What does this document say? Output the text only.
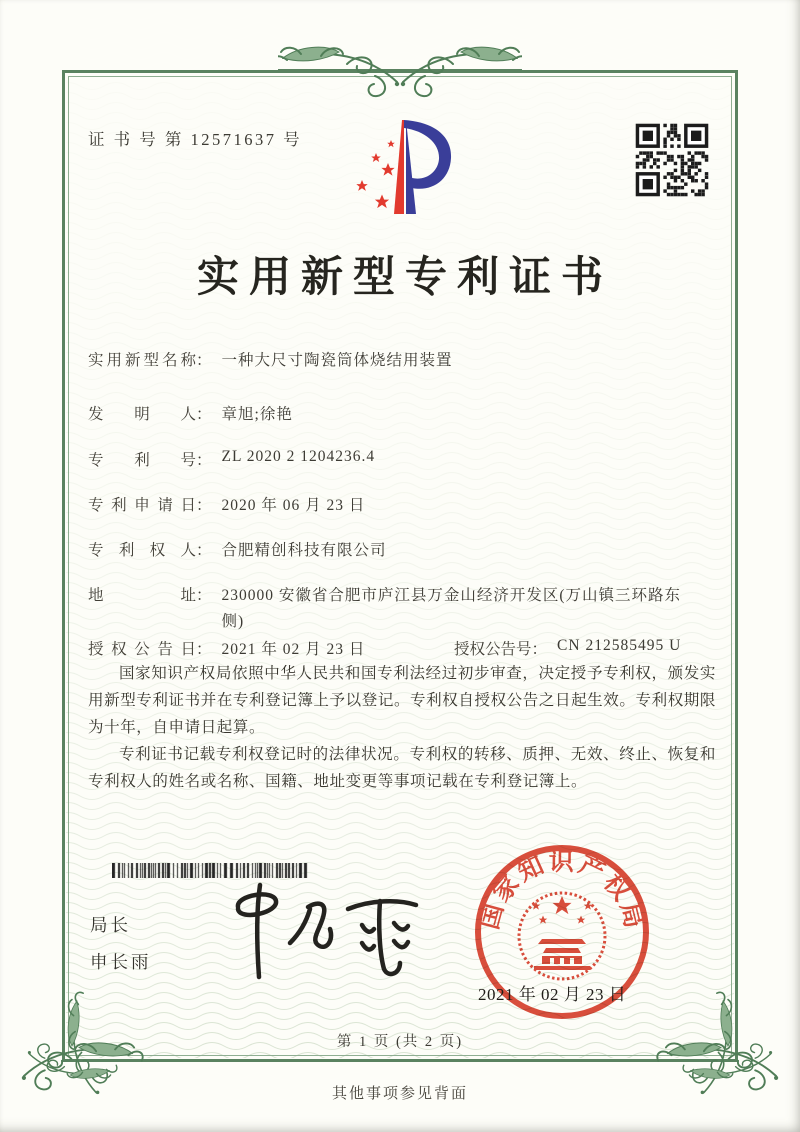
证 书 号 第 12571637 号
实用新型专利证书
实用新型名称： 一种大尺寸陶瓷筒体烧结用装置
发明人： 章旭;徐艳
专利号： ZL 2020 2 1204236.4
专利申请日： 2020 年 06 月 23 日
专利权人： 合肥精创科技有限公司
地址： 230000 安徽省合肥市庐江县万金山经济开发区(万山镇三环路东侧)
授权公告日： 2021 年 02 月 23 日	授权公告号： CN 212585495 U

国家知识产权局依照中华人民共和国专利法经过初步审查，决定授予专利权，颁发实用新型专利证书并在专利登记簿上予以登记。专利权自授权公告之日起生效。专利权期限为十年，自申请日起算。

专利证书记载专利权登记时的法律状况。专利权的转移、质押、无效、终止、恢复和专利权人的姓名或名称、国籍、地址变更等事项记载在专利登记簿上。

局长
申长雨
2021 年 02 月 23 日
国家知识产权局
第 1 页 (共 2 页)
其他事项参见背面
